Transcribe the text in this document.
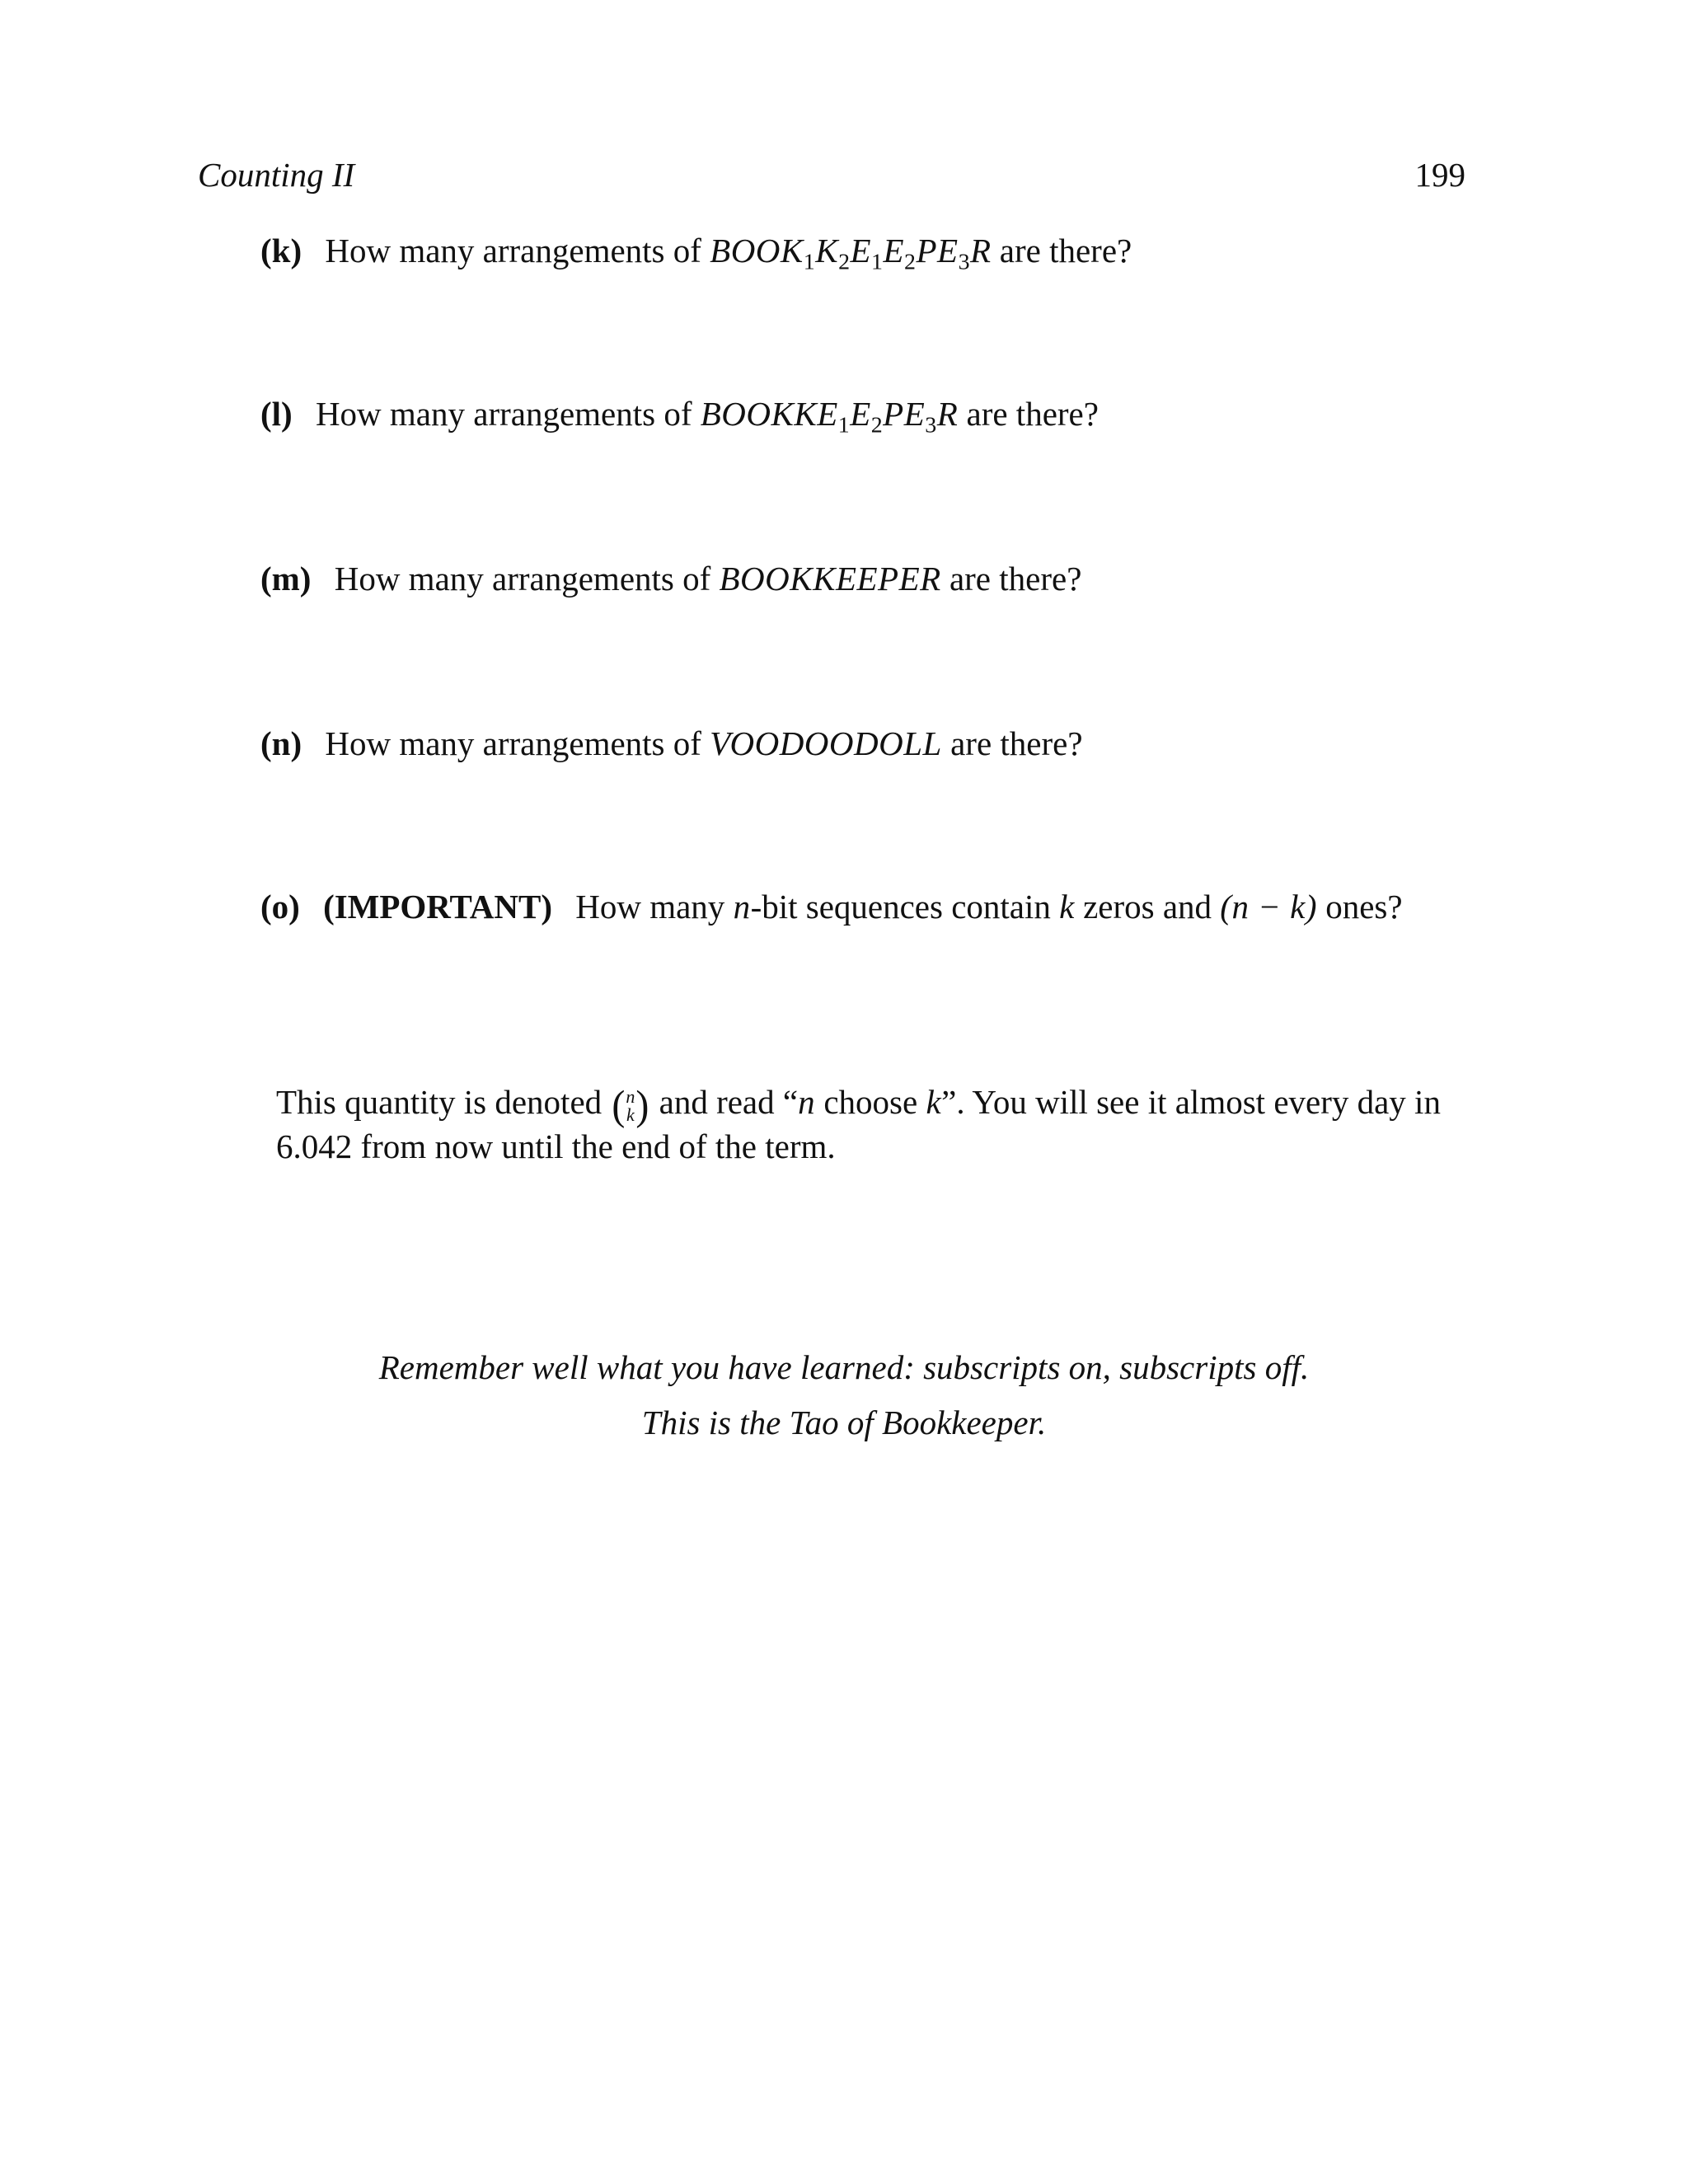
Counting II	199
(k) How many arrangements of $BOOK_1K_2E_1E_2PE_3R$ are there?
(l) How many arrangements of $BOOKKE_1E_2PE_3R$ are there?
(m) How many arrangements of BOOKKEEPER are there?
(n) How many arrangements of VOODOODOLL are there?
(o) (IMPORTANT) How many n-bit sequences contain k zeros and (n − k) ones?
This quantity is denoted ( n
k ) and read “n choose k”. You will see it almost every day in 6.042 from now until the end of the term.
Remember well what you have learned: subscripts on, subscripts off.
This is the Tao of Bookkeeper.
